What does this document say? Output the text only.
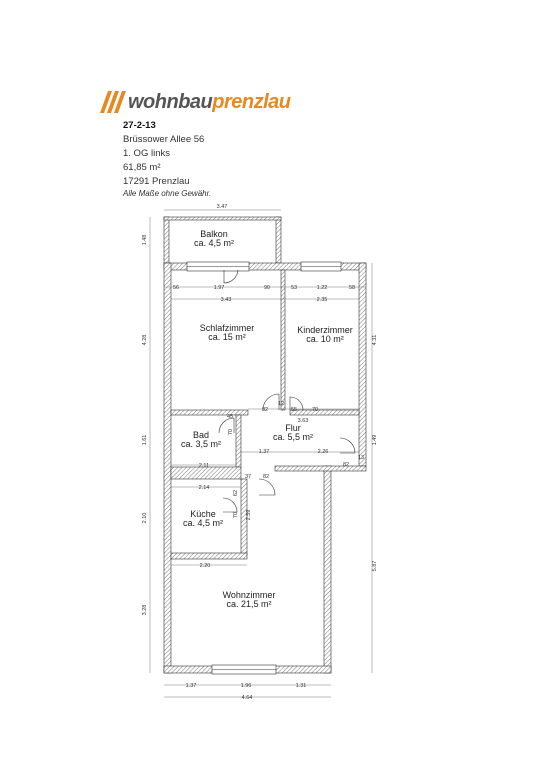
wohnbauprenzlau
27-2-13
Brüssower Allee 56
1. OG links
61,85 m²
17291 Prenzlau
Alle Maße ohne Gewähr.
Balkon
ca. 4,5 m²
Schlafzimmer
ca. 15 m²
Kinderzimmer
ca. 10 m²
Bad
ca. 3,5 m²
Flur
ca. 5,5 m²
Küche
ca. 4,5 m²
Wohnzimmer
ca. 21,5 m²
3.47
1.48
56	1.97	90	53	1.22	58
3.43	2.35
4.28	4.31
82
12
55	70
45
3.63
70
1.61	1.49
1.37	2.26
13
82
2.11
37 82
2.14
62
70 2.59
2.10
2.20	5.87
3.28
1.37	1.96	1.31
4.64
